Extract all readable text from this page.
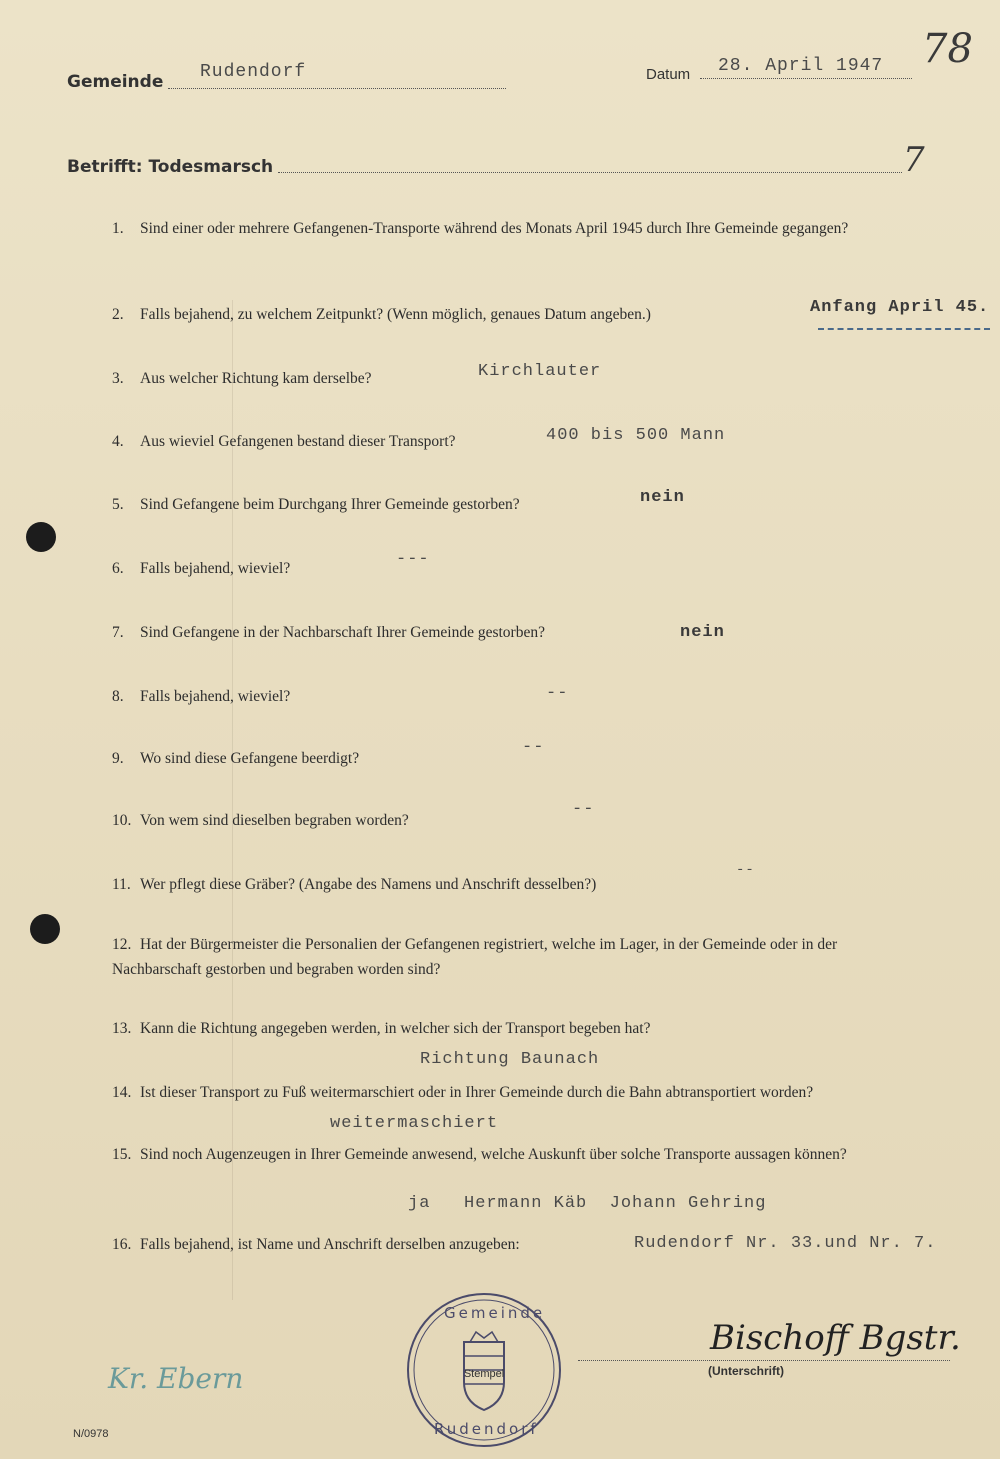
Gemeinde Rudendorf	Datum 28. April 1947 78
Betrifft: Todesmarsch	7
1. Sind einer oder mehrere Gefangenen-Transporte während des Monats April 1945 durch Ihre Gemeinde gegangen?
2. Falls bejahend, zu welchem Zeitpunkt? (Wenn möglich, genaues Datum angeben.)	Anfang April 45.
3. Aus welcher Richtung kam derselbe?	Kirchlauter
4. Aus wieviel Gefangenen bestand dieser Transport?	400 bis 500 Mann
5. Sind Gefangene beim Durchgang Ihrer Gemeinde gestorben?	nein
6. Falls bejahend, wieviel?	---
7. Sind Gefangene in der Nachbarschaft Ihrer Gemeinde gestorben?	nein
8. Falls bejahend, wieviel?	--
9. Wo sind diese Gefangene beerdigt?
--
10. Von wem sind dieselben begraben worden?
--
11. Wer pflegt diese Gräber? (Angabe des Namens und Anschrift desselben?)
--
12. Hat der Bürgermeister die Personalien der Gefangenen registriert, welche im Lager, in der Gemeinde oder in der Nachbarschaft gestorben und begraben worden sind?
13. Kann die Richtung angegeben werden, in welcher sich der Transport begeben hat?
Richtung Baunach
14. Ist dieser Transport zu Fuß weitermarschiert oder in Ihrer Gemeinde durch die Bahn abtransportiert worden?
weitermaschiert
15. Sind noch Augenzeugen in Ihrer Gemeinde anwesend, welche Auskunft über solche Transporte aussagen können?
ja   Hermann Käb  Johann Gehring
16. Falls bejahend, ist Name und Anschrift derselben anzugeben:	Rudendorf Nr. 33.und Nr. 7.
Gemeinde
Stempel
Rudendorf
Bischoff Bgstr.
(Unterschrift)
Kr. Ebern
N/0978
